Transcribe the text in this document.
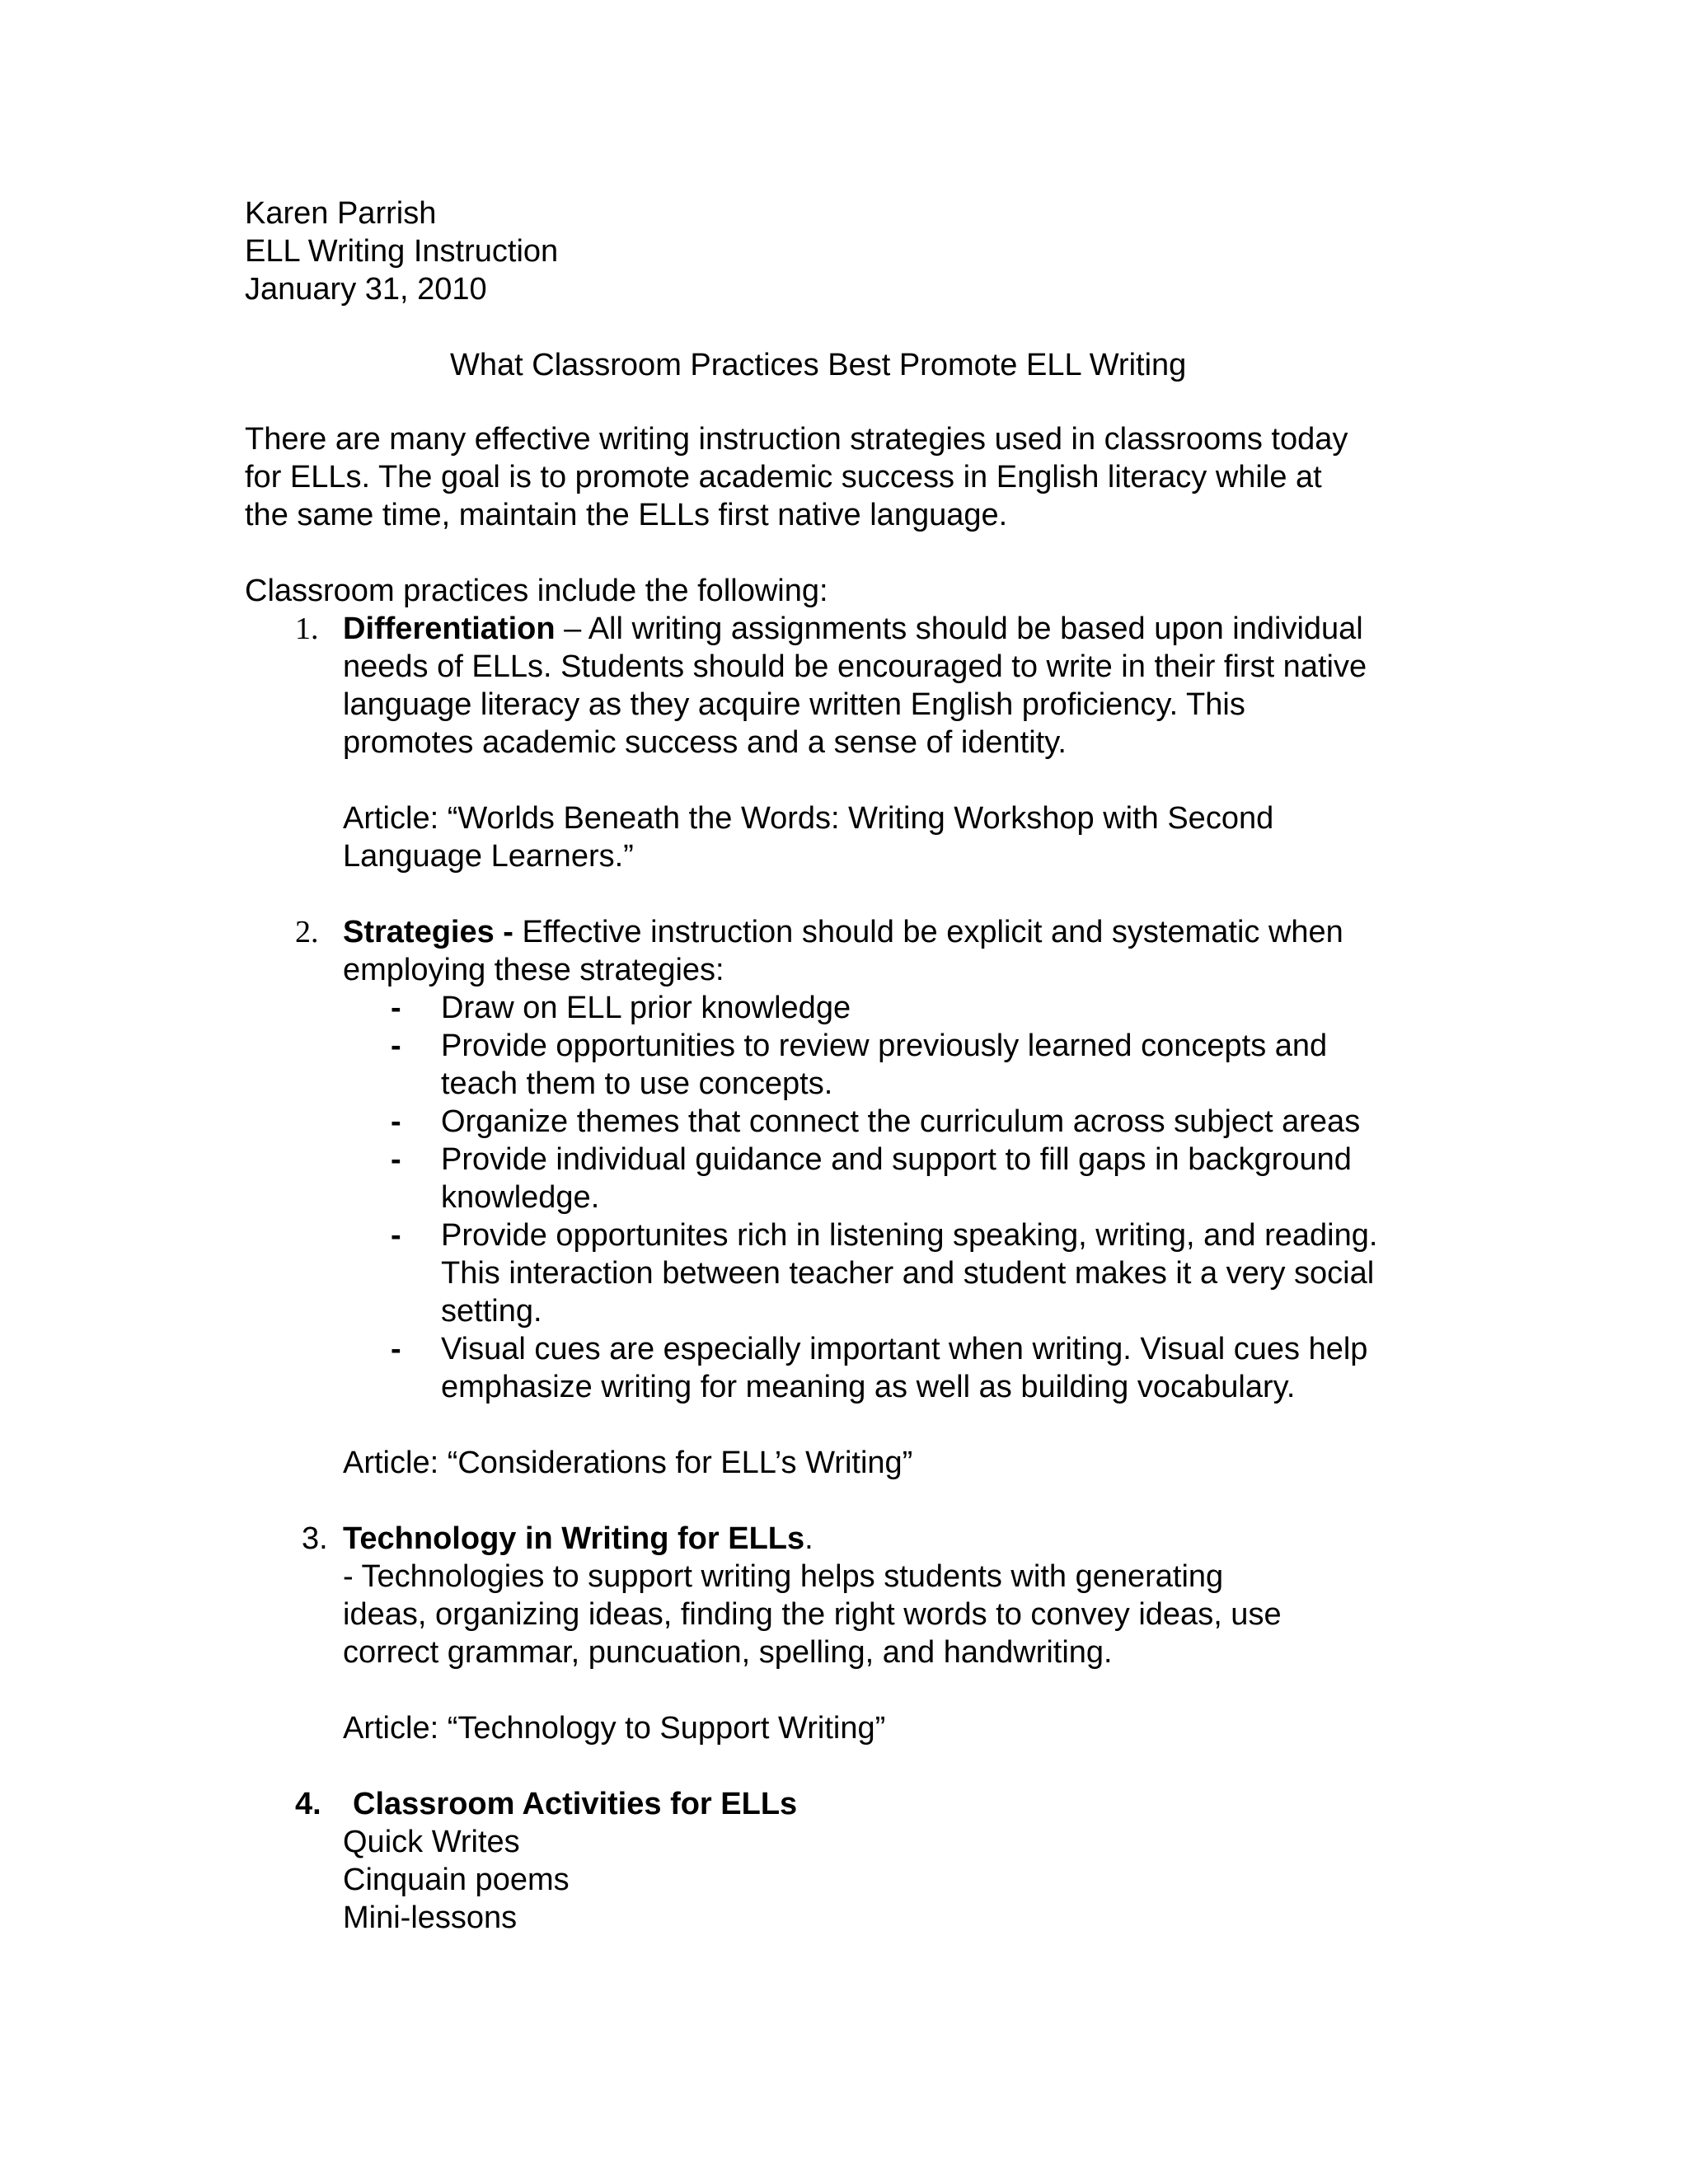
Karen Parrish
ELL Writing Instruction
January 31, 2010
What Classroom Practices Best Promote ELL Writing
There are many effective writing instruction strategies used in classrooms today
for ELLs. The goal is to promote academic success in English literacy while at
the same time, maintain the ELLs first native language.
Classroom practices include the following:
1. Differentiation – All writing assignments should be based upon individual
needs of ELLs. Students should be encouraged to write in their first native
language literacy as they acquire written English proficiency. This
promotes academic success and a sense of identity.
Article: “Worlds Beneath the Words: Writing Workshop with Second
Language Learners.”
2. Strategies - Effective instruction should be explicit and systematic when
employing these strategies:
- Draw on ELL prior knowledge
- Provide opportunities to review previously learned concepts and
teach them to use concepts.
- Organize themes that connect the curriculum across subject areas
- Provide individual guidance and support to fill gaps in background
knowledge.
- Provide opportunites rich in listening speaking, writing, and reading.
This interaction between teacher and student makes it a very social
setting.
- Visual cues are especially important when writing. Visual cues help
emphasize writing for meaning as well as building vocabulary.
Article: “Considerations for ELL’s Writing”
3. Technology in Writing for ELLs.
- Technologies to support writing helps students with generating
ideas, organizing ideas, finding the right words to convey ideas, use
correct grammar, puncuation, spelling, and handwriting.
Article: “Technology to Support Writing”
4. Classroom Activities for ELLs
Quick Writes
Cinquain poems
Mini-lessons
